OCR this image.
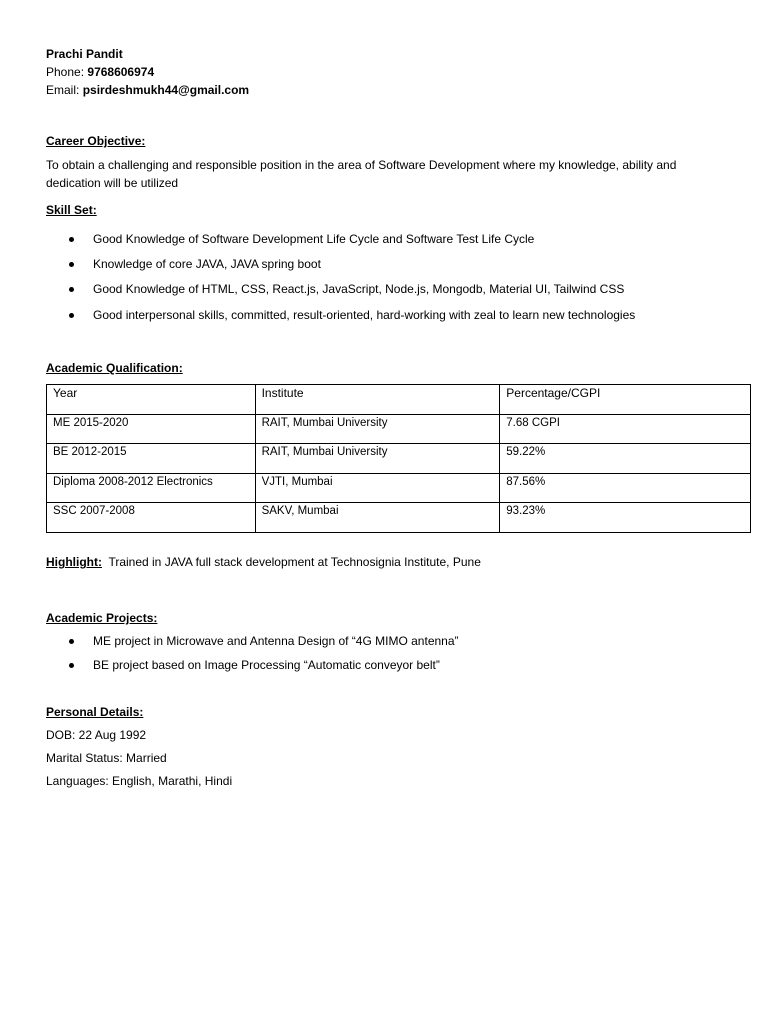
Prachi Pandit
Phone: 9768606974
Email: psirdeshmukh44@gmail.com
Career Objective:
To obtain a challenging and responsible position in the area of Software Development where my knowledge, ability and
dedication will be utilized
Skill Set:
Good Knowledge of Software Development Life Cycle and Software Test Life Cycle
Knowledge of core JAVA, JAVA spring boot
Good Knowledge of HTML, CSS, React.js, JavaScript, Node.js, Mongodb, Material UI, Tailwind CSS
Good interpersonal skills, committed, result-oriented, hard-working with zeal to learn new technologies
Academic Qualification:
Year	Institute	Percentage/CGPI
ME 2015-2020	RAIT, Mumbai University	7.68 CGPI
BE 2012-2015	RAIT, Mumbai University	59.22%
Diploma 2008-2012 Electronics	VJTI, Mumbai	87.56%
SSC 2007-2008	SAKV, Mumbai	93.23%
Highlight: Trained in JAVA full stack development at Technosignia Institute, Pune
Academic Projects:
ME project in Microwave and Antenna Design of “4G MIMO antenna”
BE project based on Image Processing “Automatic conveyor belt”
Personal Details:
DOB: 22 Aug 1992
Marital Status: Married
Languages: English, Marathi, Hindi
